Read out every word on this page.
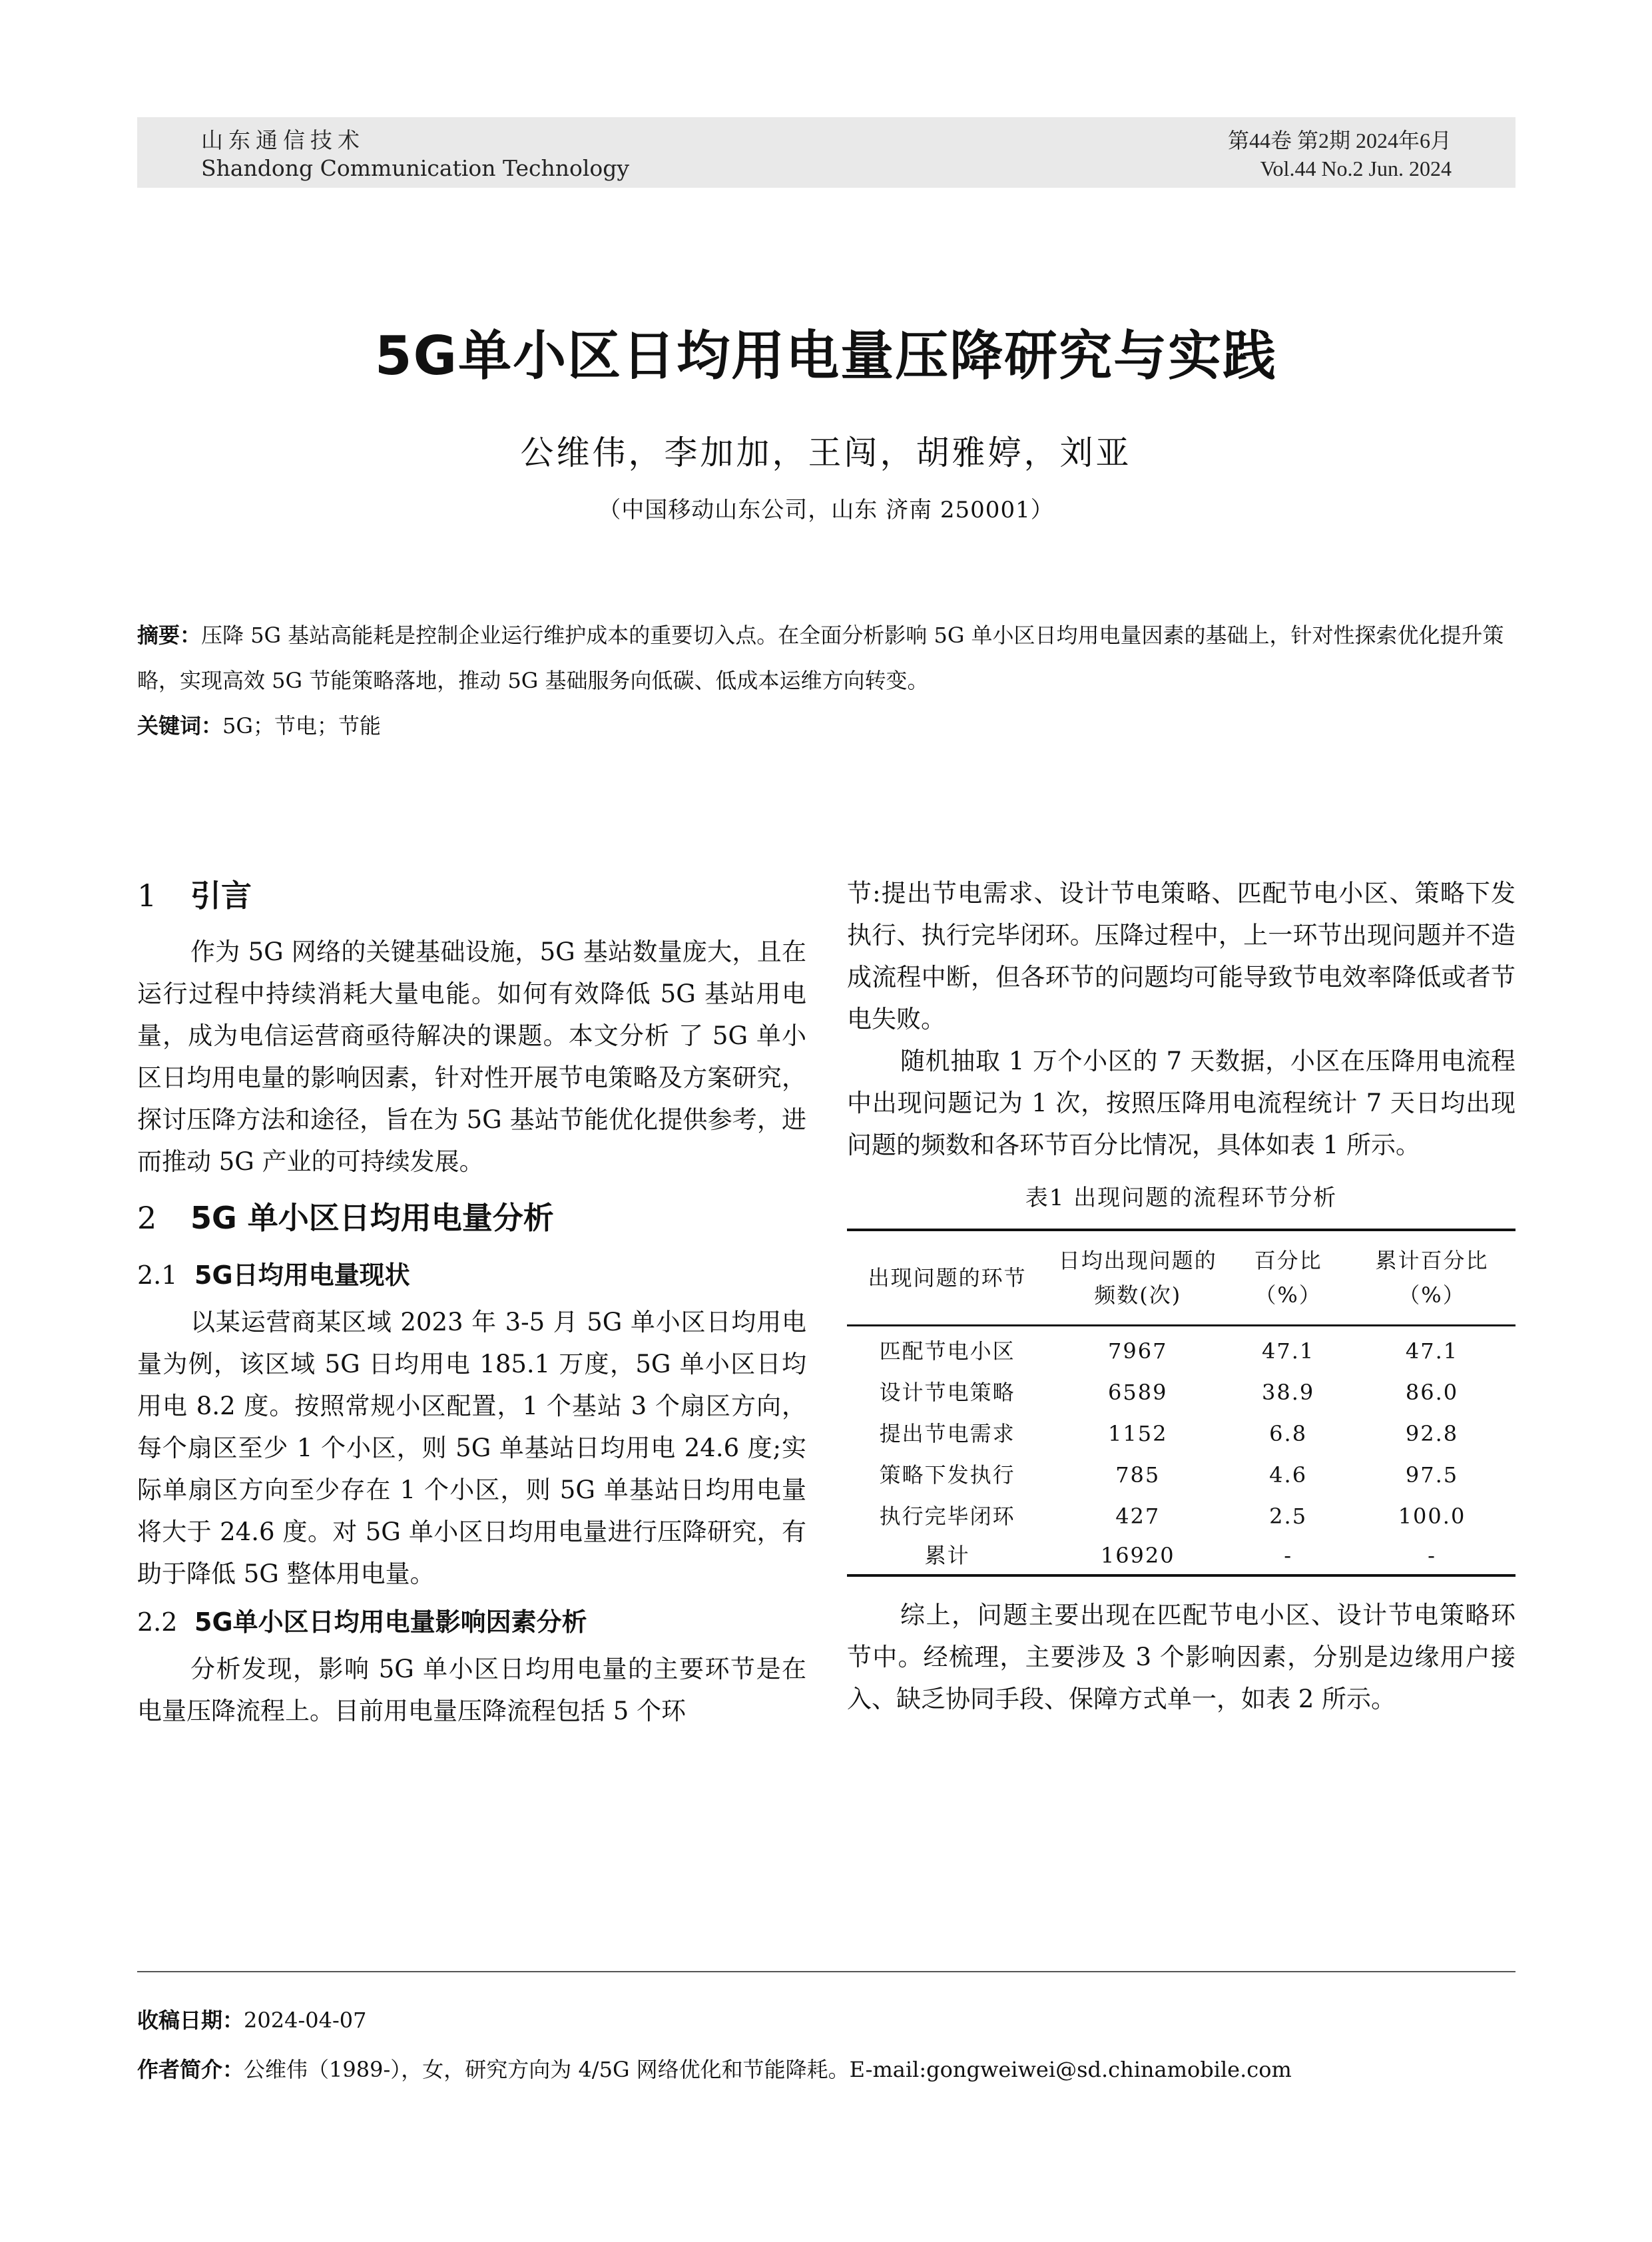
山东通信技术
Shandong Communication Technology
第44卷 第2期 2024年6月
Vol.44 No.2 Jun. 2024
5G单小区日均用电量压降研究与实践
公维伟，李加加，王闯，胡雅婷，刘亚
（中国移动山东公司，山东 济南 250001）
摘要：压降 5G 基站高能耗是控制企业运行维护成本的重要切入点。在全面分析影响 5G 单小区日均用电量因素的基础上，针对性探索优化提升策略，实现高效 5G 节能策略落地，推动 5G 基础服务向低碳、低成本运维方向转变。
关键词：5G；节电；节能
1 引言

作为 5G 网络的关键基础设施，5G 基站数量庞大，且在运行过程中持续消耗大量电能。如何有效降低 5G 基站用电量，成为电信运营商亟待解决的课题。本文分析 了 5G 单小区日均用电量的影响因素，针对性开展节电策略及方案研究，探讨压降方法和途径，旨在为 5G 基站节能优化提供参考，进而推动 5G 产业的可持续发展。

2 5G 单小区日均用电量分析
2.1 5G日均用电量现状

以某运营商某区域 2023 年 3-5 月 5G 单小区日均用电量为例，该区域 5G 日均用电 185.1 万度，5G 单小区日均用电 8.2 度。按照常规小区配置，1 个基站 3 个扇区方向，每个扇区至少 1 个小区，则 5G 单基站日均用电 24.6 度;实际单扇区方向至少存在 1 个小区，则 5G 单基站日均用电量将大于 24.6 度。对 5G 单小区日均用电量进行压降研究，有助于降低 5G 整体用电量。

2.2 5G单小区日均用电量影响因素分析

分析发现，影响 5G 单小区日均用电量的主要环节是在电量压降流程上。目前用电量压降流程包括 5 个环

节:提出节电需求、设计节电策略、匹配节电小区、策略下发执行、执行完毕闭环。压降过程中，上一环节出现问题并不造成流程中断，但各环节的问题均可能导致节电效率降低或者节电失败。

随机抽取 1 万个小区的 7 天数据，小区在压降用电流程中出现问题记为 1 次，按照压降用电流程统计 7 天日均出现问题的频数和各环节百分比情况，具体如表 1 所示。

表1 出现问题的流程环节分析
出现问题的环节	日均出现问题的频数(次)	百分比（%）	累计百分比（%）
匹配节电小区	7967	47.1	47.1
设计节电策略	6589	38.9	86.0
提出节电需求	1152	6.8	92.8
策略下发执行	785	4.6	97.5
执行完毕闭环	427	2.5	100.0
累计	16920	-	-

综上，问题主要出现在匹配节电小区、设计节电策略环节中。经梳理，主要涉及 3 个影响因素，分别是边缘用户接入、缺乏协同手段、保障方式单一，如表 2 所示。

收稿日期：2024-04-07
作者简介：公维伟（1989-），女，研究方向为 4/5G 网络优化和节能降耗。E-mail:gongweiwei@sd.chinamobile.com
